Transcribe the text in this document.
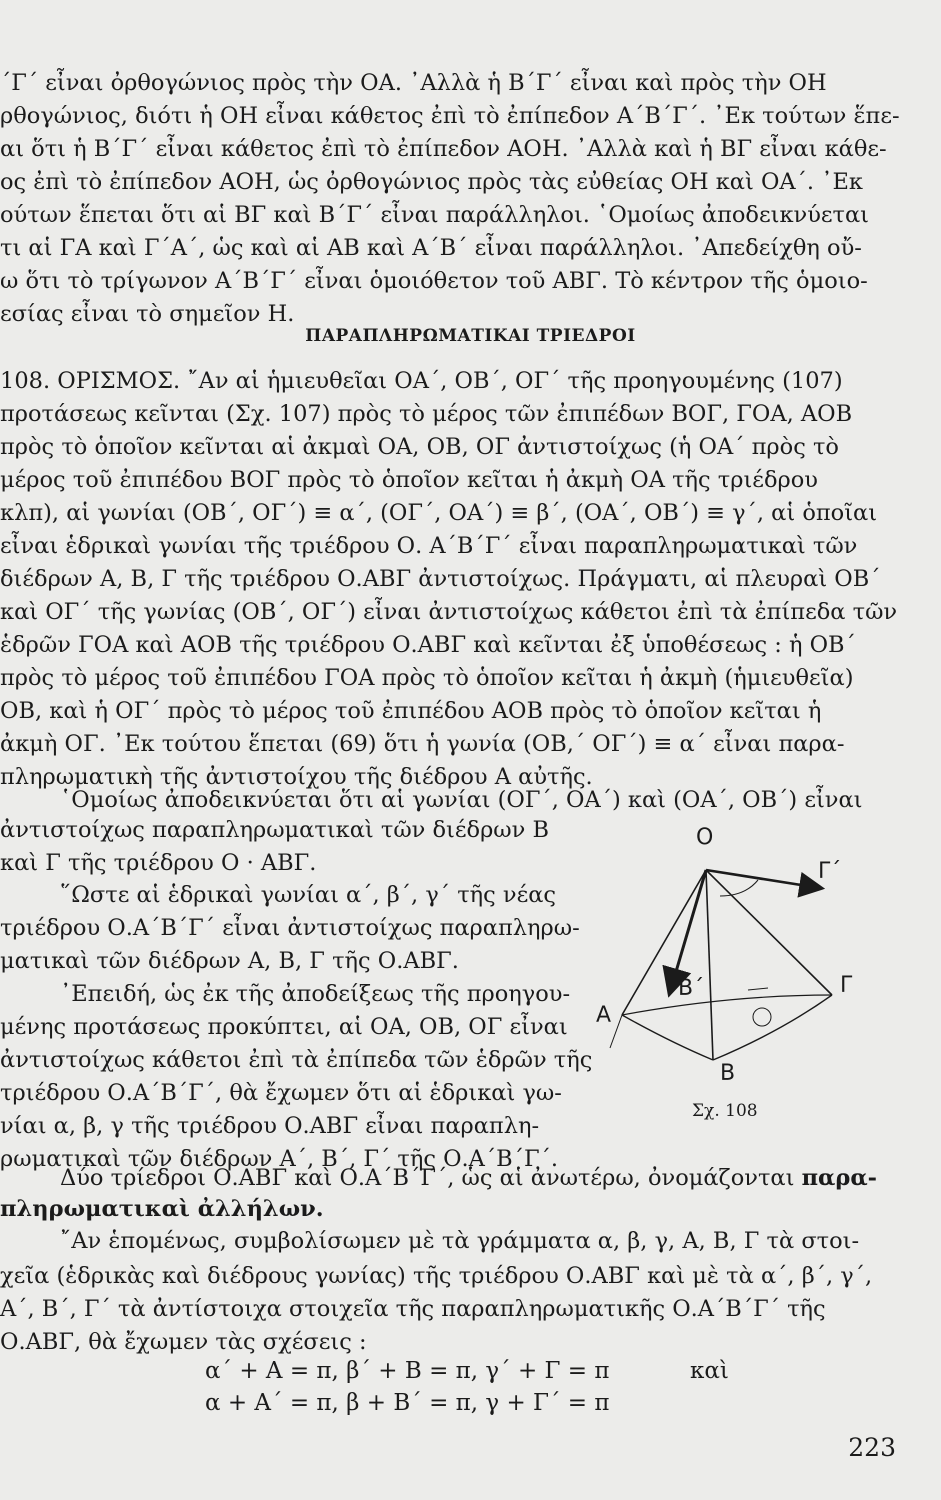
΄Γ΄ εἶναι ὀρθογώνιος πρὸς τὴν ΟΑ. ᾿Αλλὰ ἡ Β΄Γ΄ εἶναι καὶ πρὸς τὴν ΟΗ
ρθογώνιος, διότι ἡ ΟΗ εἶναι κάθετος ἐπὶ τὸ ἐπίπεδον Α΄Β΄Γ΄. ᾿Εκ τούτων ἕπε-
αι ὅτι ἡ Β΄Γ΄ εἶναι κάθετος ἐπὶ τὸ ἐπίπεδον ΑΟΗ. ᾿Αλλὰ καὶ ἡ ΒΓ εἶναι κάθε-
ος ἐπὶ τὸ ἐπίπεδον ΑΟΗ, ὡς ὀρθογώνιος πρὸς τὰς εὐθείας ΟΗ καὶ ΟΑ΄. ᾿Εκ
ούτων ἕπεται ὅτι αἱ ΒΓ καὶ Β΄Γ΄ εἶναι παράλληλοι. ῾Ομοίως ἀποδεικνύεται
τι αἱ ΓΑ καὶ Γ΄Α΄, ὡς καὶ αἱ ΑΒ καὶ Α΄Β΄ εἶναι παράλληλοι. ᾿Απεδείχθη οὔ-
ω ὅτι τὸ τρίγωνον Α΄Β΄Γ΄ εἶναι ὁμοιόθετον τοῦ ΑΒΓ. Τὸ κέντρον τῆς ὁμοιο-
εσίας εἶναι τὸ σημεῖον Η.
ΠΑΡΑΠΛΗΡΩΜΑΤΙΚΑΙ ΤΡΙΕΔΡΟΙ
108. ΟΡΙΣΜΟΣ. ῎Αν αἱ ἡμιευθεῖαι ΟΑ΄, ΟΒ΄, ΟΓ΄ τῆς προηγουμένης (107)
προτάσεως κεῖνται (Σχ. 107) πρὸς τὸ μέρος τῶν ἐπιπέδων ΒΟΓ, ΓΟΑ, ΑΟΒ
πρὸς τὸ ὁποῖον κεῖνται αἱ ἀκμαὶ ΟΑ, ΟΒ, ΟΓ ἀντιστοίχως (ἡ ΟΑ΄ πρὸς τὸ
μέρος τοῦ ἐπιπέδου ΒΟΓ πρὸς τὸ ὁποῖον κεῖται ἡ ἀκμὴ ΟΑ τῆς τριέδρου
κλπ), αἱ γωνίαι (ΟΒ΄, ΟΓ΄) ≡ α΄, (ΟΓ΄, ΟΑ΄) ≡ β΄, (ΟΑ΄, ΟΒ΄) ≡ γ΄, αἱ ὁποῖαι
εἶναι ἑδρικαὶ γωνίαι τῆς τριέδρου Ο. Α΄Β΄Γ΄ εἶναι παραπληρωματικαὶ τῶν
διέδρων Α, Β, Γ τῆς τριέδρου Ο.ΑΒΓ ἀντιστοίχως. Πράγματι, αἱ πλευραὶ ΟΒ΄
καὶ ΟΓ΄ τῆς γωνίας (ΟΒ΄, ΟΓ΄) εἶναι ἀντιστοίχως κάθετοι ἐπὶ τὰ ἐπίπεδα τῶν
ἑδρῶν ΓΟΑ καὶ ΑΟΒ τῆς τριέδρου Ο.ΑΒΓ καὶ κεῖνται ἐξ ὑποθέσεως : ἡ ΟΒ΄
πρὸς τὸ μέρος τοῦ ἐπιπέδου ΓΟΑ πρὸς τὸ ὁποῖον κεῖται ἡ ἀκμὴ (ἡμιευθεῖα)
ΟΒ, καὶ ἡ ΟΓ΄ πρὸς τὸ μέρος τοῦ ἐπιπέδου ΑΟΒ πρὸς τὸ ὁποῖον κεῖται ἡ
ἀκμὴ ΟΓ. ᾿Εκ τούτου ἕπεται (69) ὅτι ἡ γωνία (ΟΒ,΄ ΟΓ΄) ≡ α΄ εἶναι παρα-
πληρωματικὴ τῆς ἀντιστοίχου τῆς διέδρου Α αὐτῆς.
῾Ομοίως ἀποδεικνύεται ὅτι αἱ γωνίαι (ΟΓ΄, ΟΑ΄) καὶ (ΟΑ΄, ΟΒ΄) εἶναι
ἀντιστοίχως παραπληρωματικαὶ τῶν διέδρων Β
καὶ Γ τῆς τριέδρου Ο · ΑΒΓ.
῞Ωστε αἱ ἑδρικαὶ γωνίαι α΄, β΄, γ΄ τῆς νέας
τριέδρου Ο.Α΄Β΄Γ΄ εἶναι ἀντιστοίχως παραπληρω-
ματικαὶ τῶν διέδρων Α, Β, Γ τῆς Ο.ΑΒΓ.
᾿Επειδή, ὡς ἐκ τῆς ἀποδείξεως τῆς προηγου-
μένης προτάσεως προκύπτει, αἱ ΟΑ, ΟΒ, ΟΓ εἶναι
ἀντιστοίχως κάθετοι ἐπὶ τὰ ἐπίπεδα τῶν ἑδρῶν τῆς
τριέδρου Ο.Α΄Β΄Γ΄, θὰ ἔχωμεν ὅτι αἱ ἑδρικαὶ γω-
νίαι α, β, γ τῆς τριέδρου Ο.ΑΒΓ εἶναι παραπλη-
ρωματικαὶ τῶν διέδρων Α΄, Β΄, Γ΄ τῆς Ο.Α΄Β΄Γ΄.
Ο
Γ΄
Β΄	Γ
Α
Β
Σχ. 108
Δύο τρίεδροι Ο.ΑΒΓ καὶ Ο.Α΄Β΄Γ΄, ὡς αἱ ἀνωτέρω, ὀνομάζονται παρα-
πληρωματικαὶ ἀλλήλων.
῎Αν ἑπομένως, συμβολίσωμεν μὲ τὰ γράμματα α, β, γ, Α, Β, Γ τὰ στοι-
χεῖα (ἑδρικὰς καὶ διέδρους γωνίας) τῆς τριέδρου Ο.ΑΒΓ καὶ μὲ τὰ α΄, β΄, γ΄,
Α΄, Β΄, Γ΄ τὰ ἀντίστοιχα στοιχεῖα τῆς παραπληρωματικῆς Ο.Α΄Β΄Γ΄ τῆς
Ο.ΑΒΓ, θὰ ἔχωμεν τὰς σχέσεις :
α΄ + Α = π, β΄ + Β = π, γ΄ + Γ = π	καὶ
α + Α΄ = π, β + Β΄ = π, γ + Γ΄ = π
223
